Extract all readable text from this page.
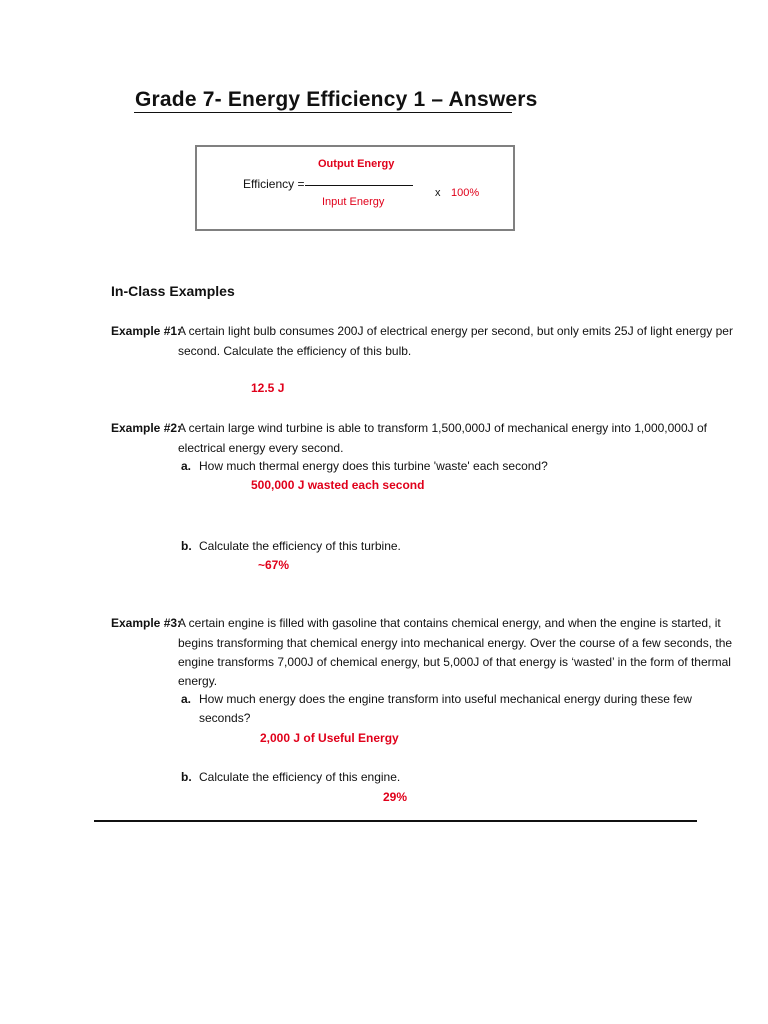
Grade 7- Energy Efficiency 1 – Answers
Output Energy
Efficiency =
Input Energy
x 100%
In-Class Examples
Example #1:
A certain light bulb consumes 200J of electrical energy per second, but only emits 25J of light energy per
second. Calculate the efficiency of this bulb.
12.5 J
Example #2:
A certain large wind turbine is able to transform 1,500,000J of mechanical energy into 1,000,000J of
electrical energy every second.
a. How much thermal energy does this turbine 'waste' each second?
500,000 J wasted each second
b. Calculate the efficiency of this turbine.
~67%
Example #3:
A certain engine is filled with gasoline that contains chemical energy, and when the engine is started, it
begins transforming that chemical energy into mechanical energy. Over the course of a few seconds, the
engine transforms 7,000J of chemical energy, but 5,000J of that energy is ‘wasted’ in the form of thermal
energy.
a. How much energy does the engine transform into useful mechanical energy during these few
seconds?
2,000 J of Useful Energy
b. Calculate the efficiency of this engine.
29%
